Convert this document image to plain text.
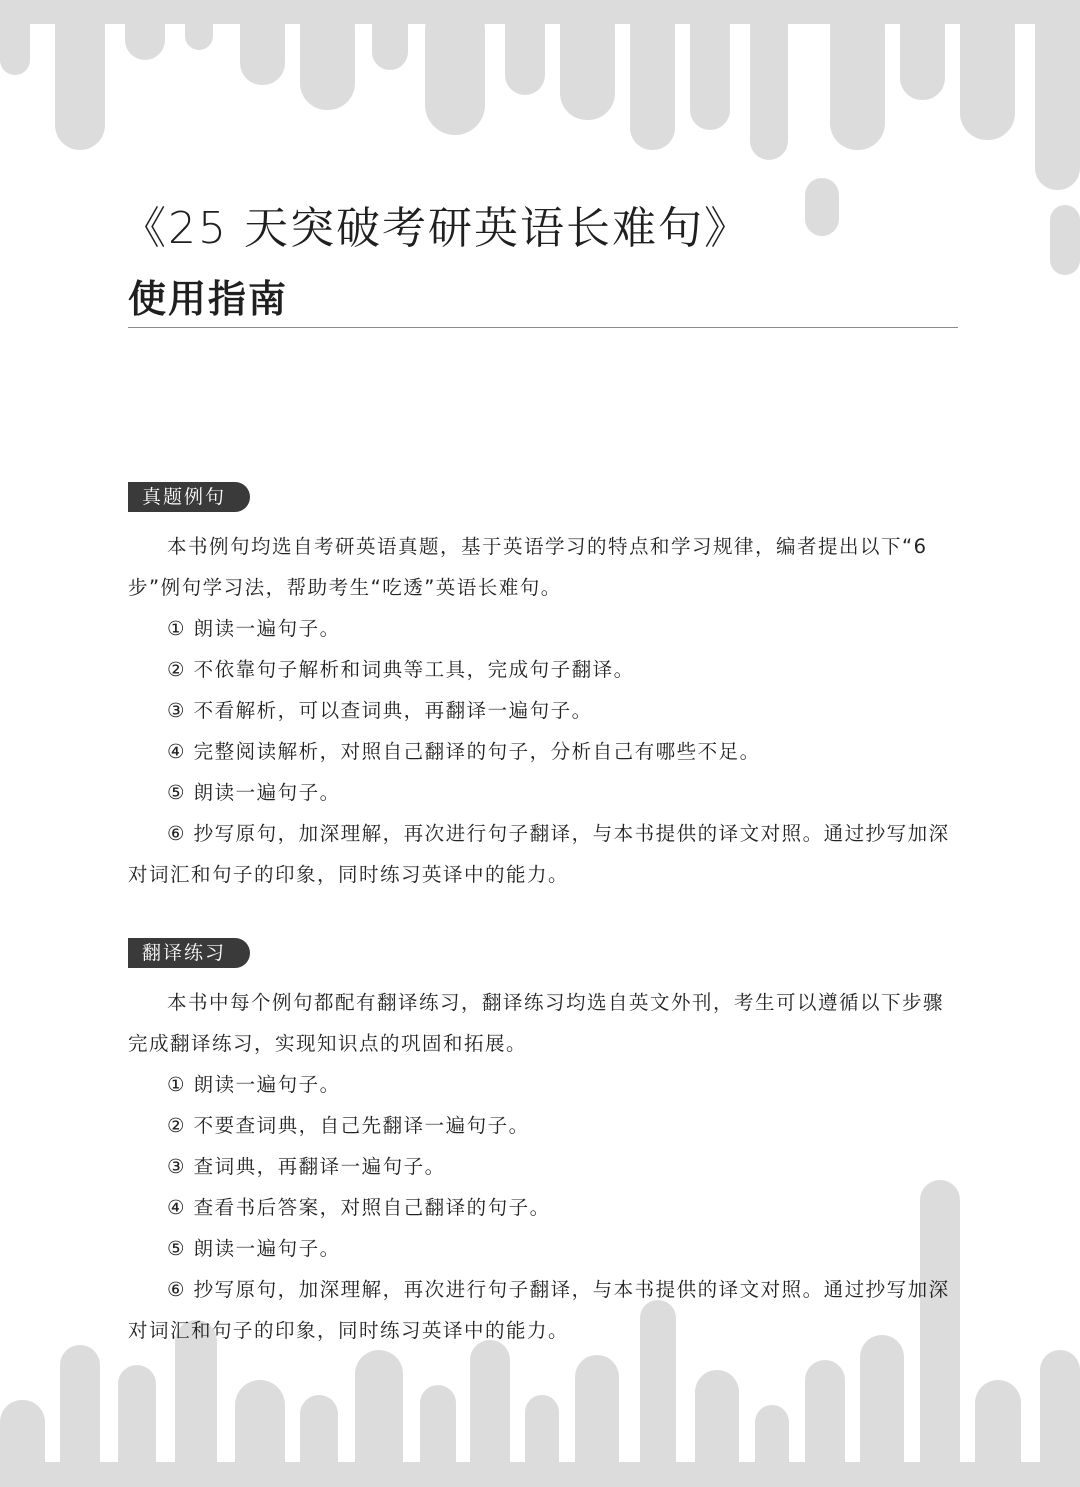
《25 天突破考研英语长难句》
使用指南
真题例句

本书例句均选自考研英语真题，基于英语学习的特点和学习规律，编者提出以下“6 步”例句学习法，帮助考生“吃透”英语长难句。

① 朗读一遍句子。

② 不依靠句子解析和词典等工具，完成句子翻译。

③ 不看解析，可以查词典，再翻译一遍句子。

④ 完整阅读解析，对照自己翻译的句子，分析自己有哪些不足。

⑤ 朗读一遍句子。

⑥ 抄写原句，加深理解，再次进行句子翻译，与本书提供的译文对照。通过抄写加深对词汇和句子的印象，同时练习英译中的能力。

翻译练习

本书中每个例句都配有翻译练习，翻译练习均选自英文外刊，考生可以遵循以下步骤完成翻译练习，实现知识点的巩固和拓展。

① 朗读一遍句子。

② 不要查词典，自己先翻译一遍句子。

③ 查词典，再翻译一遍句子。

④ 查看书后答案，对照自己翻译的句子。

⑤ 朗读一遍句子。

⑥ 抄写原句，加深理解，再次进行句子翻译，与本书提供的译文对照。通过抄写加深对词汇和句子的印象，同时练习英译中的能力。
